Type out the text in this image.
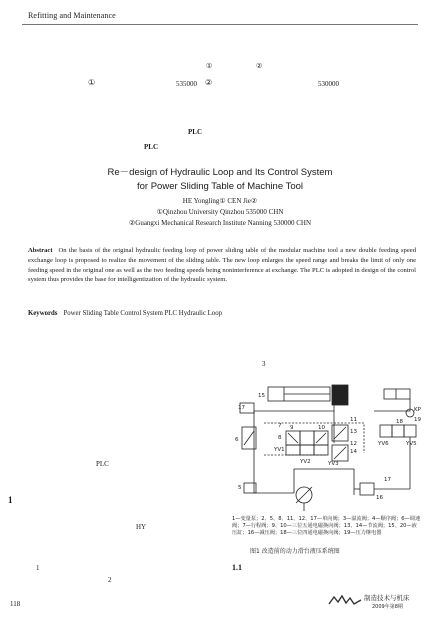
Refitting and Maintenance
①	②
①	535000 ②	530000
PLC
PLC
Re－design of Hydraulic Loop and Its Control System
for Power Sliding Table of Machine Tool
HE Yongling① CEN Jie②
①Qinzhou University Qinzhou 535000 CHN
②Guangxi Mechanical Research Institute Nanning 530000 CHN
Abstract On the basis of the original hydraulic feeding loop of power sliding table of the modular machine tool a new double feeding speed exchange loop is proposed to realize the movement of the sliding table. The new loop enlarges the speed range and breaks the limit of only one feeding speed in the original one as well as the two feeding speeds being noninterference at exchange. The PLC is adopted in design of the control system thus provides the base for intelligentization of the hydraulic system.
Keywords Power Sliding Table Control System PLC Hydraulic Loop
3
PLC
1
HY
1
2
1.1
15
17
6
5
7
8
YV1
YV2	YV3
9	10
13
14
11
12
KP
19
YV6	YV5
18
16
17
1—变量泵；2、5、8、11、12、17—单向阀；3—溢流阀；4—顺序阀；6—调速阀；7—行程阀；9、10—三位五通电磁换向阀；13、14—节流阀；15、20—液压缸；16—减压阀；18—三位四通电磁换向阀；19—压力继电器
图1 改造前的动力滑台液压系统图
118
制造技术与机床
2009年第8期
